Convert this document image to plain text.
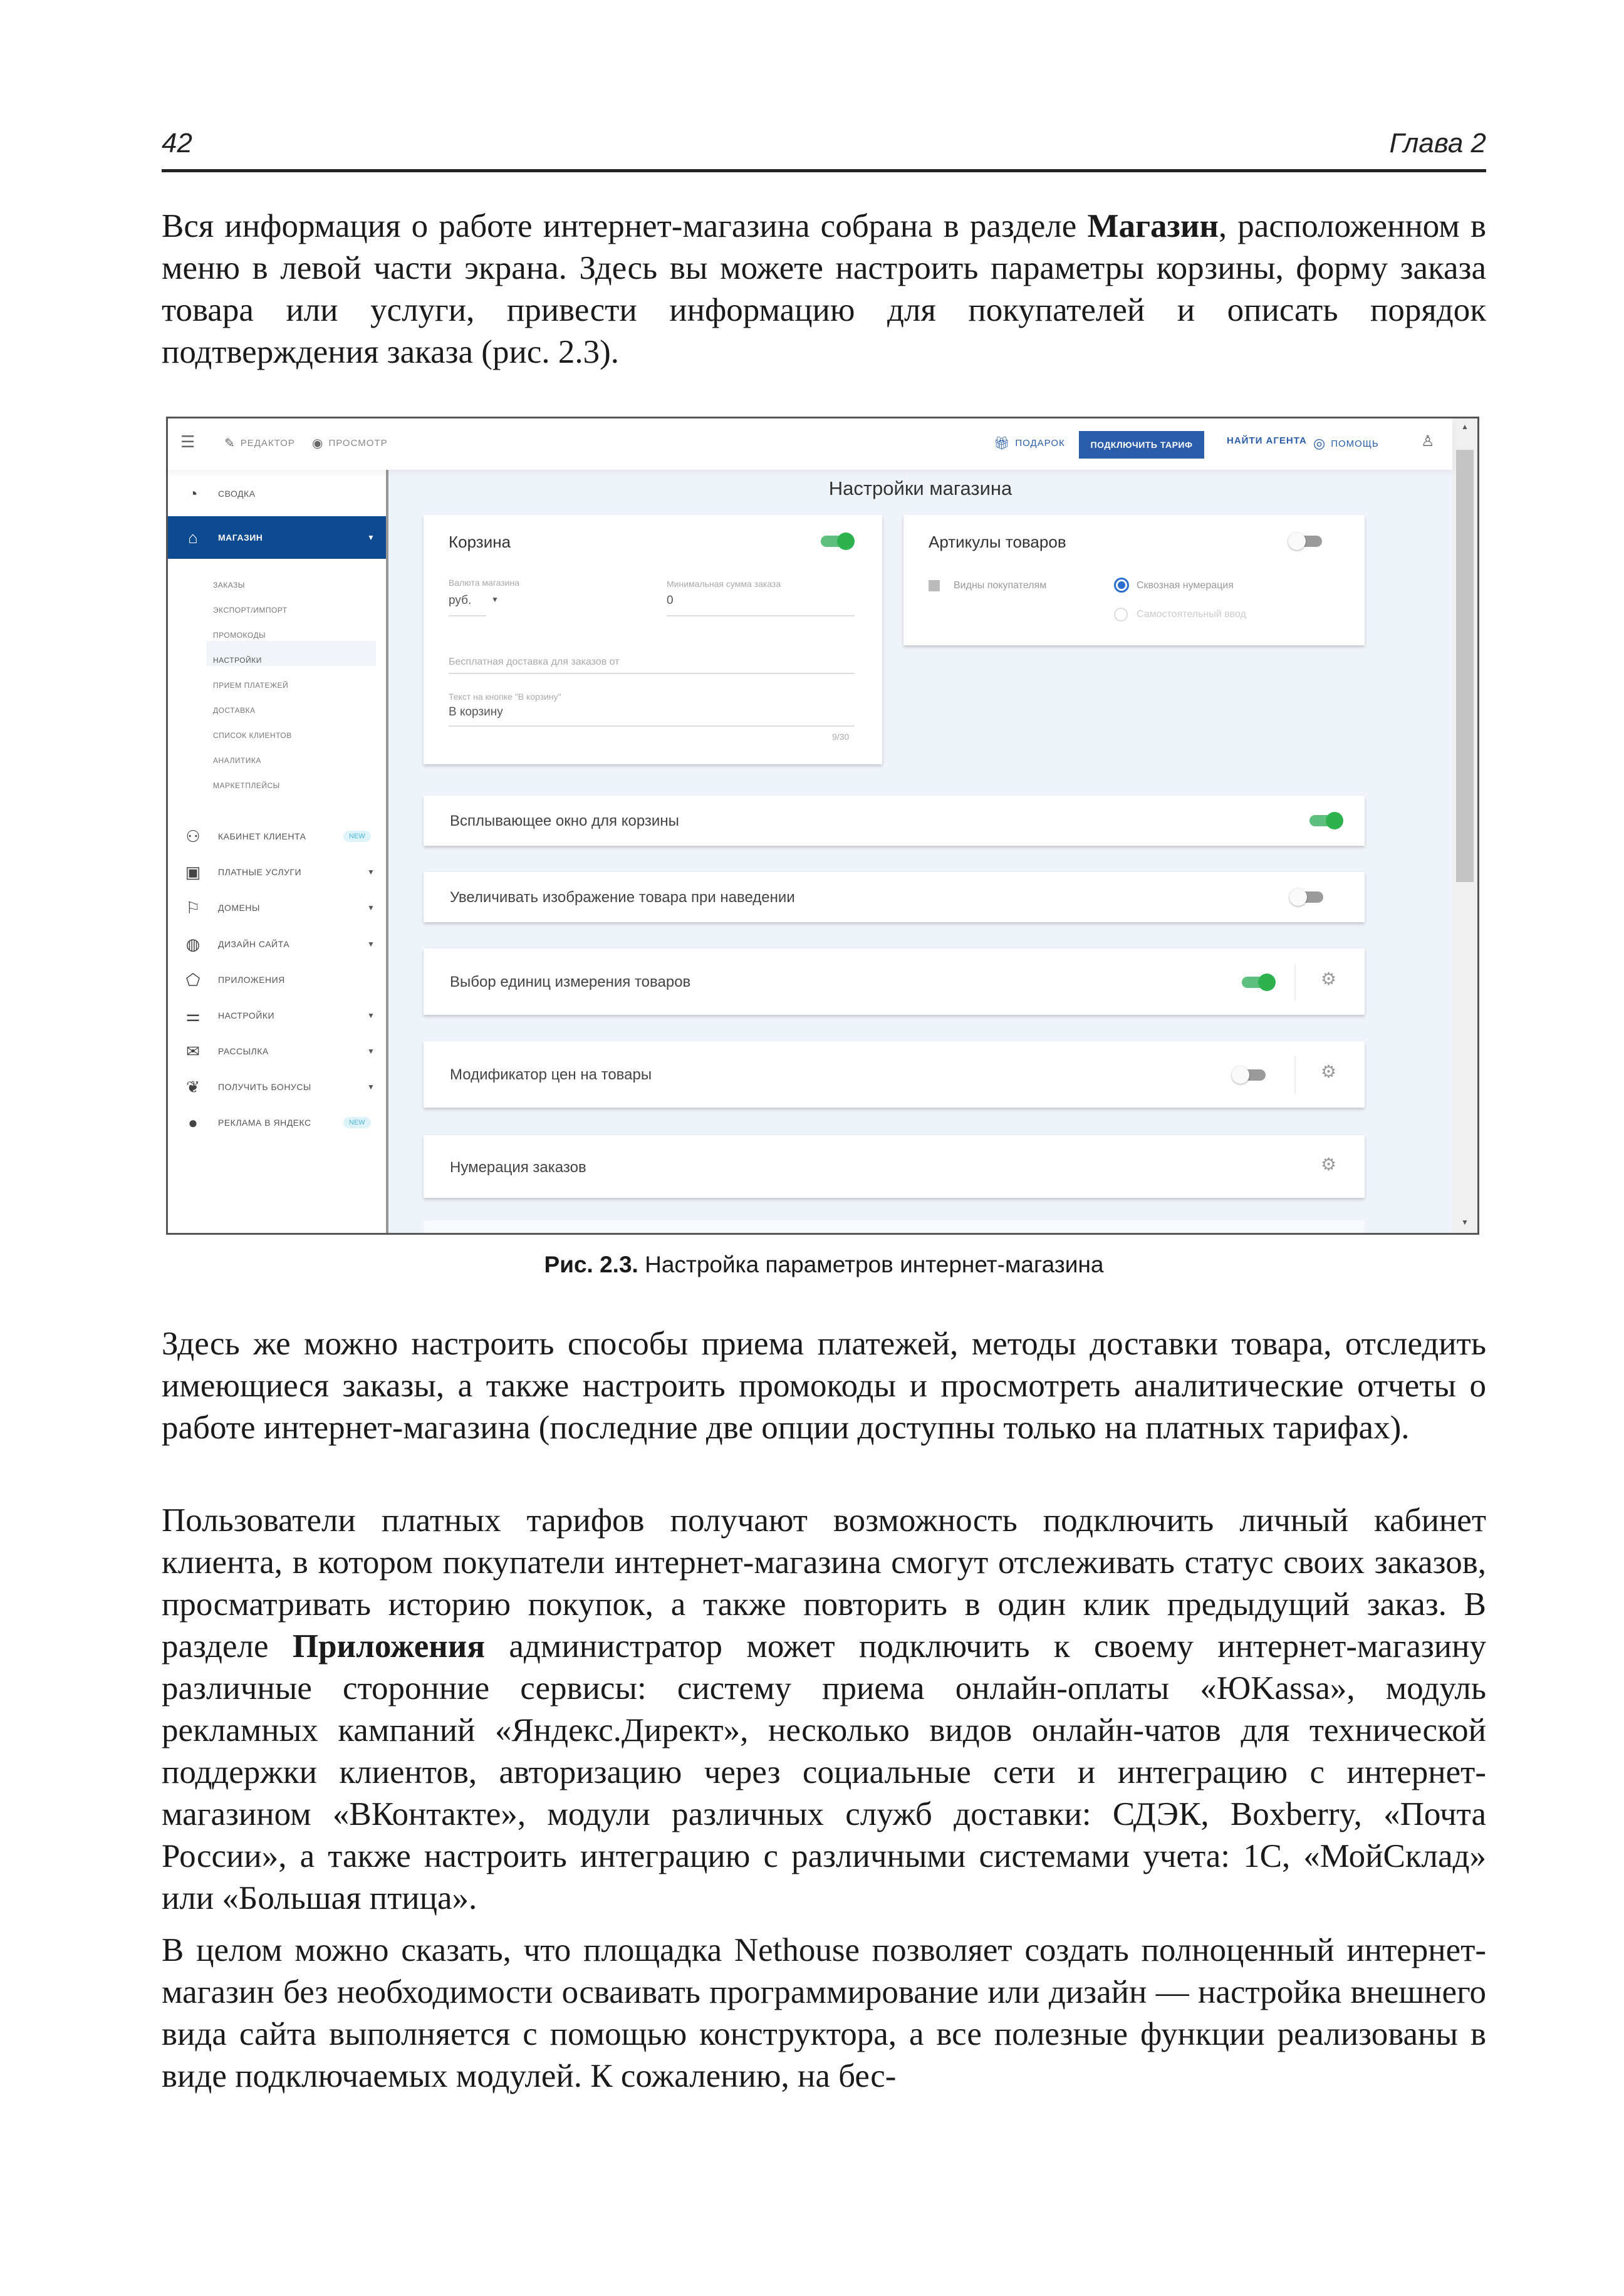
42	Глава 2
Вся информация о работе интернет-магазина собрана в разделе Магазин, расположенном в меню в левой части экрана. Здесь вы можете настроить параметры корзины, форму заказа товара или услуги, привести информацию для покупателей и описать порядок подтверждения заказа (рис. 2.3).
☰ ✎ РЕДАКТОР ◉ ПРОСМОТР	🎁︎ ПОДАРОК	ПОДКЛЮЧИТЬ ТАРИФ	НАЙТИ АГЕНТА ◎ ПОМОЩЬ	♙
◔	СВОДКА
⌂	МАГАЗИН	▼
ЗАКАЗЫ
ЭКСПОРТ/ИМПОРТ
ПРОМОКОДЫ
НАСТРОЙКИ
ПРИЕМ ПЛАТЕЖЕЙ
ДОСТАВКА
СПИСОК КЛИЕНТОВ
АНАЛИТИКА
МАРКЕТПЛЕЙСЫ
⚇	КАБИНЕТ КЛИЕНТА	NEW
▣	ПЛАТНЫЕ УСЛУГИ	▼
⚐	ДОМЕНЫ	▼
◍	ДИЗАЙН САЙТА	▼
⬠	ПРИЛОЖЕНИЯ
⚌	НАСТРОЙКИ	▼
✉	РАССЫЛКА	▼
❦	ПОЛУЧИТЬ БОНУСЫ	▼
●	РЕКЛАМА В ЯНДЕКС	NEW
Настройки магазина
Корзина
Валюта магазина
руб.	▼
Минимальная сумма заказа
0
Бесплатная доставка для заказов от
Текст на кнопке "В корзину"
В корзину
9/30
Артикулы товаров
Видны покупателям	Сквозная нумерация
Самостоятельный ввод
Всплывающее окно для корзины
Увеличивать изображение товара при наведении
Выбор единиц измерения товаров	⚙
Модификатор цен на товары	⚙
Нумерация заказов	⚙
▲
▼
Рис. 2.3. Настройка параметров интернет-магазина
Здесь же можно настроить способы приема платежей, методы доставки товара, отследить имеющиеся заказы, а также настроить промокоды и просмотреть аналитические отчеты о работе интернет-магазина (последние две опции доступны только на платных тарифах).
Пользователи платных тарифов получают возможность подключить личный кабинет клиента, в котором покупатели интернет-магазина смогут отслеживать статус своих заказов, просматривать историю покупок, а также повторить в один клик предыдущий заказ. В разделе Приложения администратор может подключить к своему интернет-магазину различные сторонние сервисы: систему приема онлайн-оплаты «ЮKassa», модуль рекламных кампаний «Яндекс.Директ», несколько видов онлайн-чатов для технической поддержки клиентов, авторизацию через социальные сети и интеграцию с интернет-магазином «ВКонтакте», модули различных служб доставки: СДЭК, Boxberry, «Почта России», а также настроить интеграцию с различными системами учета: 1С, «МойСклад» или «Большая птица».
В целом можно сказать, что площадка Nethouse позволяет создать полноценный интернет-магазин без необходимости осваивать программирование или дизайн — настройка внешнего вида сайта выполняется с помощью конструктора, а все полезные функции реализованы в виде подключаемых модулей. К сожалению, на бес-
